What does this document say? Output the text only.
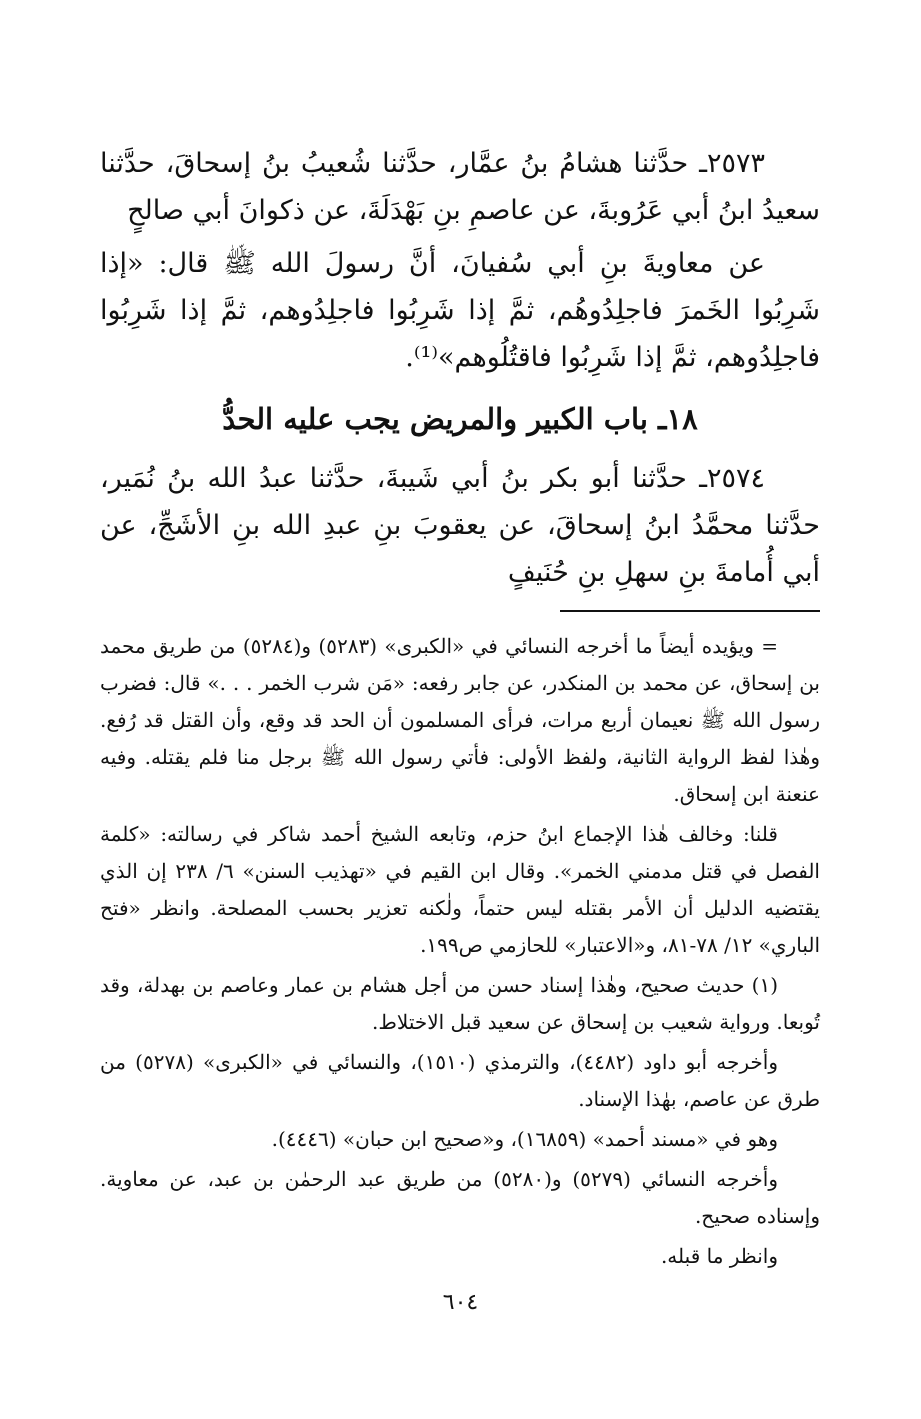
٢٥٧٣ـ حدَّثنا هشامُ بنُ عمَّار، حدَّثنا شُعيبُ بنُ إسحاقَ، حدَّثنا سعيدُ ابنُ أبي عَرُوبةَ، عن عاصمِ بنِ بَهْدَلَةَ، عن ذكوانَ أبي صالحٍ

عن معاويةَ بنِ أبي سُفيانَ، أنَّ رسولَ الله ﷺ قال: «إذا شَرِبُوا الخَمرَ فاجلِدُوهُم، ثمَّ إذا شَرِبُوا فاجلِدُوهم، ثمَّ إذا شَرِبُوا فاجلِدُوهم، ثمَّ إذا شَرِبُوا فاقتُلُوهم»⁽¹⁾.

١٨ـ باب الكبير والمريض يجب عليه الحدُّ

٢٥٧٤ـ حدَّثنا أبو بكر بنُ أبي شَيبةَ، حدَّثنا عبدُ الله بنُ نُمَير، حدَّثنا محمَّدُ ابنُ إسحاقَ، عن يعقوبَ بنِ عبدِ الله بنِ الأشَجِّ، عن أبي أُمامةَ بنِ سهلِ بنِ حُنَيفٍ

= ويؤيده أيضاً ما أخرجه النسائي في «الكبرى» (٥٢٨٣) و(٥٢٨٤) من طريق محمد بن إسحاق، عن محمد بن المنكدر، عن جابر رفعه: «مَن شرب الخمر . . .» قال: فضرب رسول الله ﷺ نعيمان أربع مرات، فرأى المسلمون أن الحد قد وقع، وأن القتل قد رُفع. وهٰذا لفظ الرواية الثانية، ولفظ الأولى: فأتي رسول الله ﷺ برجل منا فلم يقتله. وفيه عنعنة ابن إسحاق.

قلنا: وخالف هٰذا الإجماع ابنُ حزم، وتابعه الشيخ أحمد شاكر في رسالته: «كلمة الفصل في قتل مدمني الخمر». وقال ابن القيم في «تهذيب السنن» ٦/ ٢٣٨ إن الذي يقتضيه الدليل أن الأمر بقتله ليس حتماً، ولٰكنه تعزير بحسب المصلحة. وانظر «فتح الباري» ١٢/ ٧٨-٨١، و«الاعتبار» للحازمي ص١٩٩.

(١) حديث صحيح، وهٰذا إسناد حسن من أجل هشام بن عمار وعاصم بن بهدلة، وقد تُوبعا. ورواية شعيب بن إسحاق عن سعيد قبل الاختلاط.

وأخرجه أبو داود (٤٤٨٢)، والترمذي (١٥١٠)، والنسائي في «الكبرى» (٥٢٧٨) من طرق عن عاصم، بهٰذا الإسناد.

وهو في «مسند أحمد» (١٦٨٥٩)، و«صحيح ابن حبان» (٤٤٤٦).

وأخرجه النسائي (٥٢٧٩) و(٥٢٨٠) من طريق عبد الرحمٰن بن عبد، عن معاوية. وإسناده صحيح.

وانظر ما قبله.

٦٠٤
